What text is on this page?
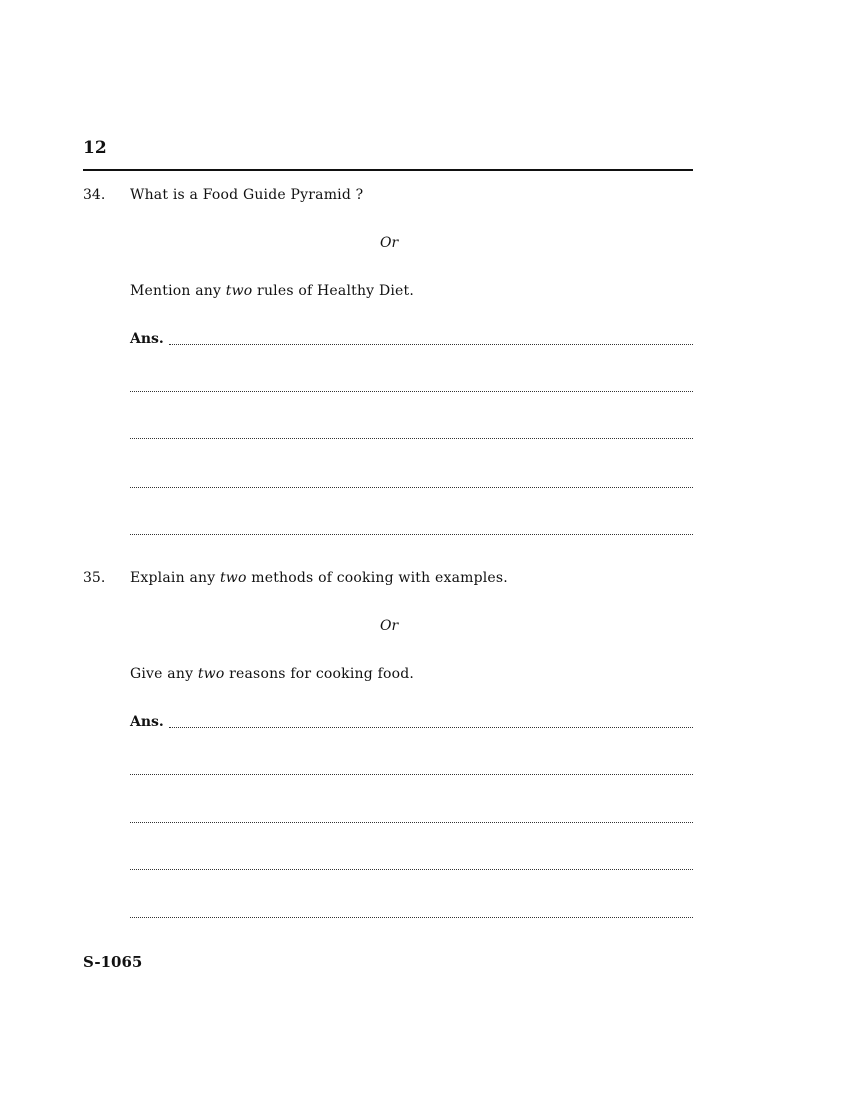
12
34. What is a Food Guide Pyramid ?
Or
Mention any two rules of Healthy Diet.
Ans.
35. Explain any two methods of cooking with examples.
Or
Give any two reasons for cooking food.
Ans.
S-1065
